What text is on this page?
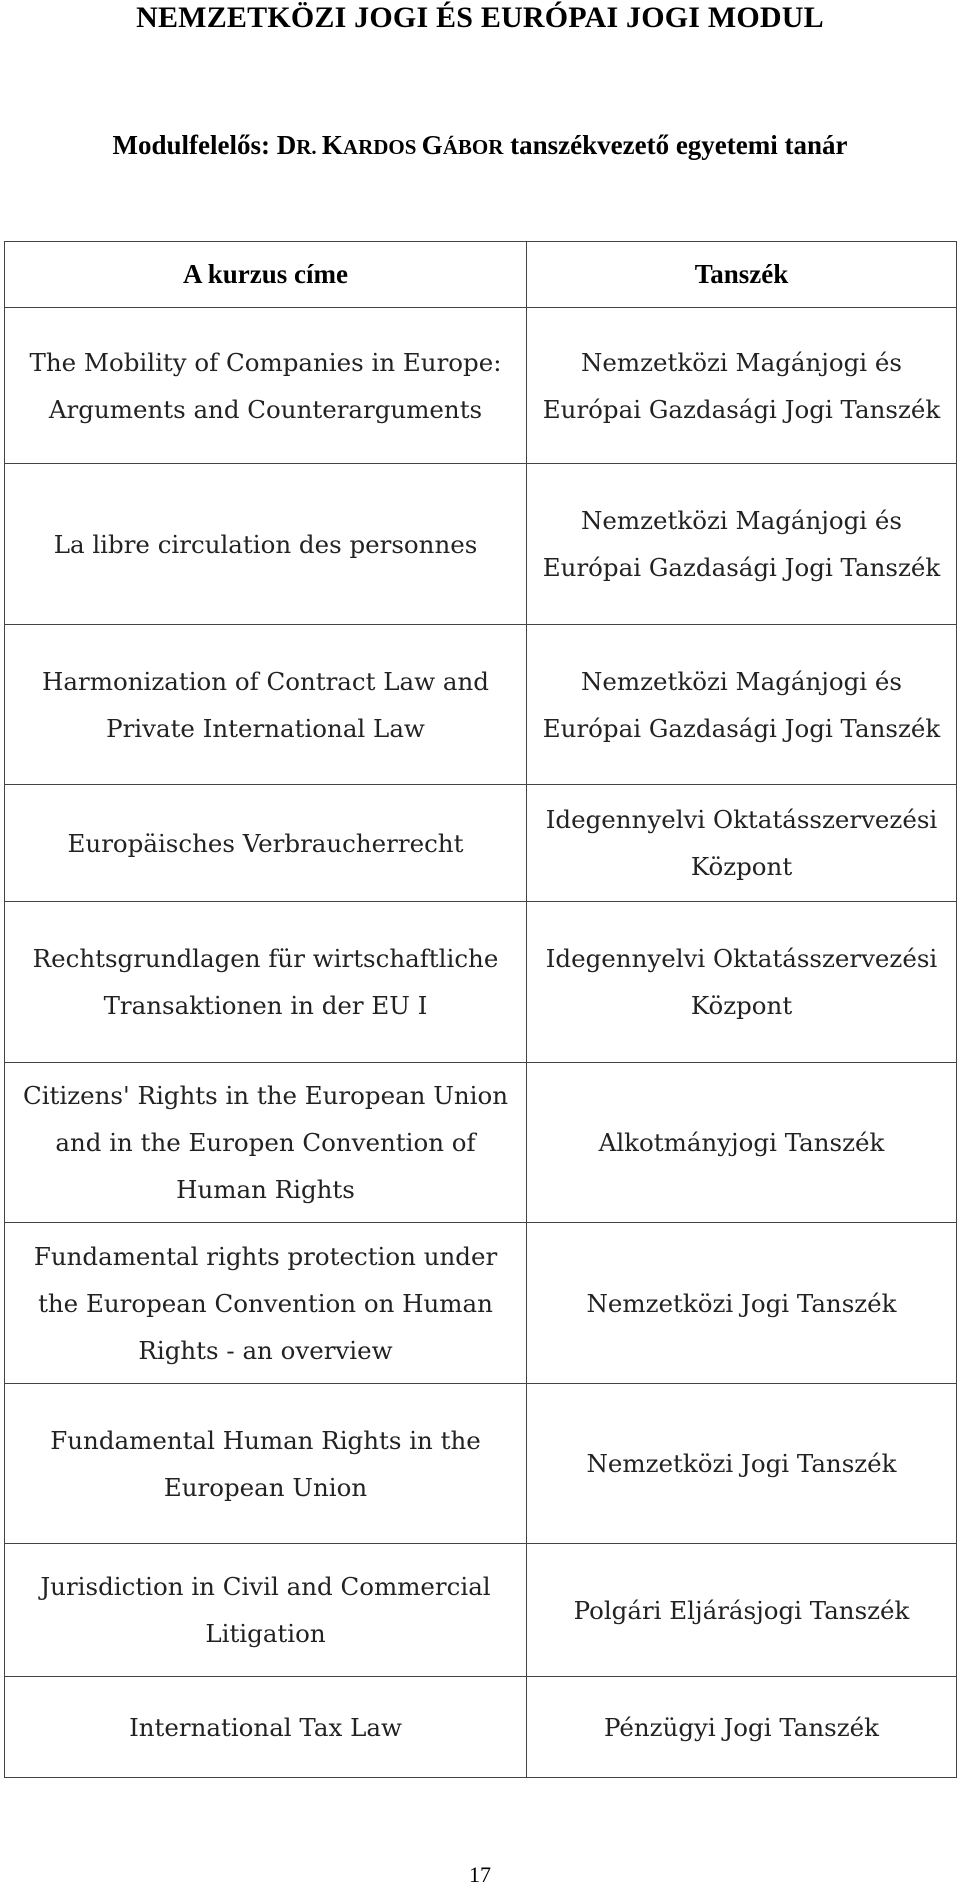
NEMZETKÖZI JOGI ÉS EURÓPAI JOGI MODUL
Modulfelelős: DR. KARDOS GÁBOR tanszékvezető egyetemi tanár
A kurzus címe	Tanszék
The Mobility of Companies in Europe: Arguments and Counterarguments	Nemzetközi Magánjogi és Európai Gazdasági Jogi Tanszék
La libre circulation des personnes	Nemzetközi Magánjogi és Európai Gazdasági Jogi Tanszék
Harmonization of Contract Law and Private International Law	Nemzetközi Magánjogi és Európai Gazdasági Jogi Tanszék
Europäisches Verbraucherrecht	Idegennyelvi Oktatásszervezési Központ
Rechtsgrundlagen für wirtschaftliche Transaktionen in der EU I	Idegennyelvi Oktatásszervezési Központ
Citizens' Rights in the European Union and in the Europen Convention of Human Rights	Alkotmányjogi Tanszék
Fundamental rights protection under the European Convention on Human Rights - an overview	Nemzetközi Jogi Tanszék
Fundamental Human Rights in the European Union	Nemzetközi Jogi Tanszék
Jurisdiction in Civil and Commercial Litigation	Polgári Eljárásjogi Tanszék
International Tax Law	Pénzügyi Jogi Tanszék
17
